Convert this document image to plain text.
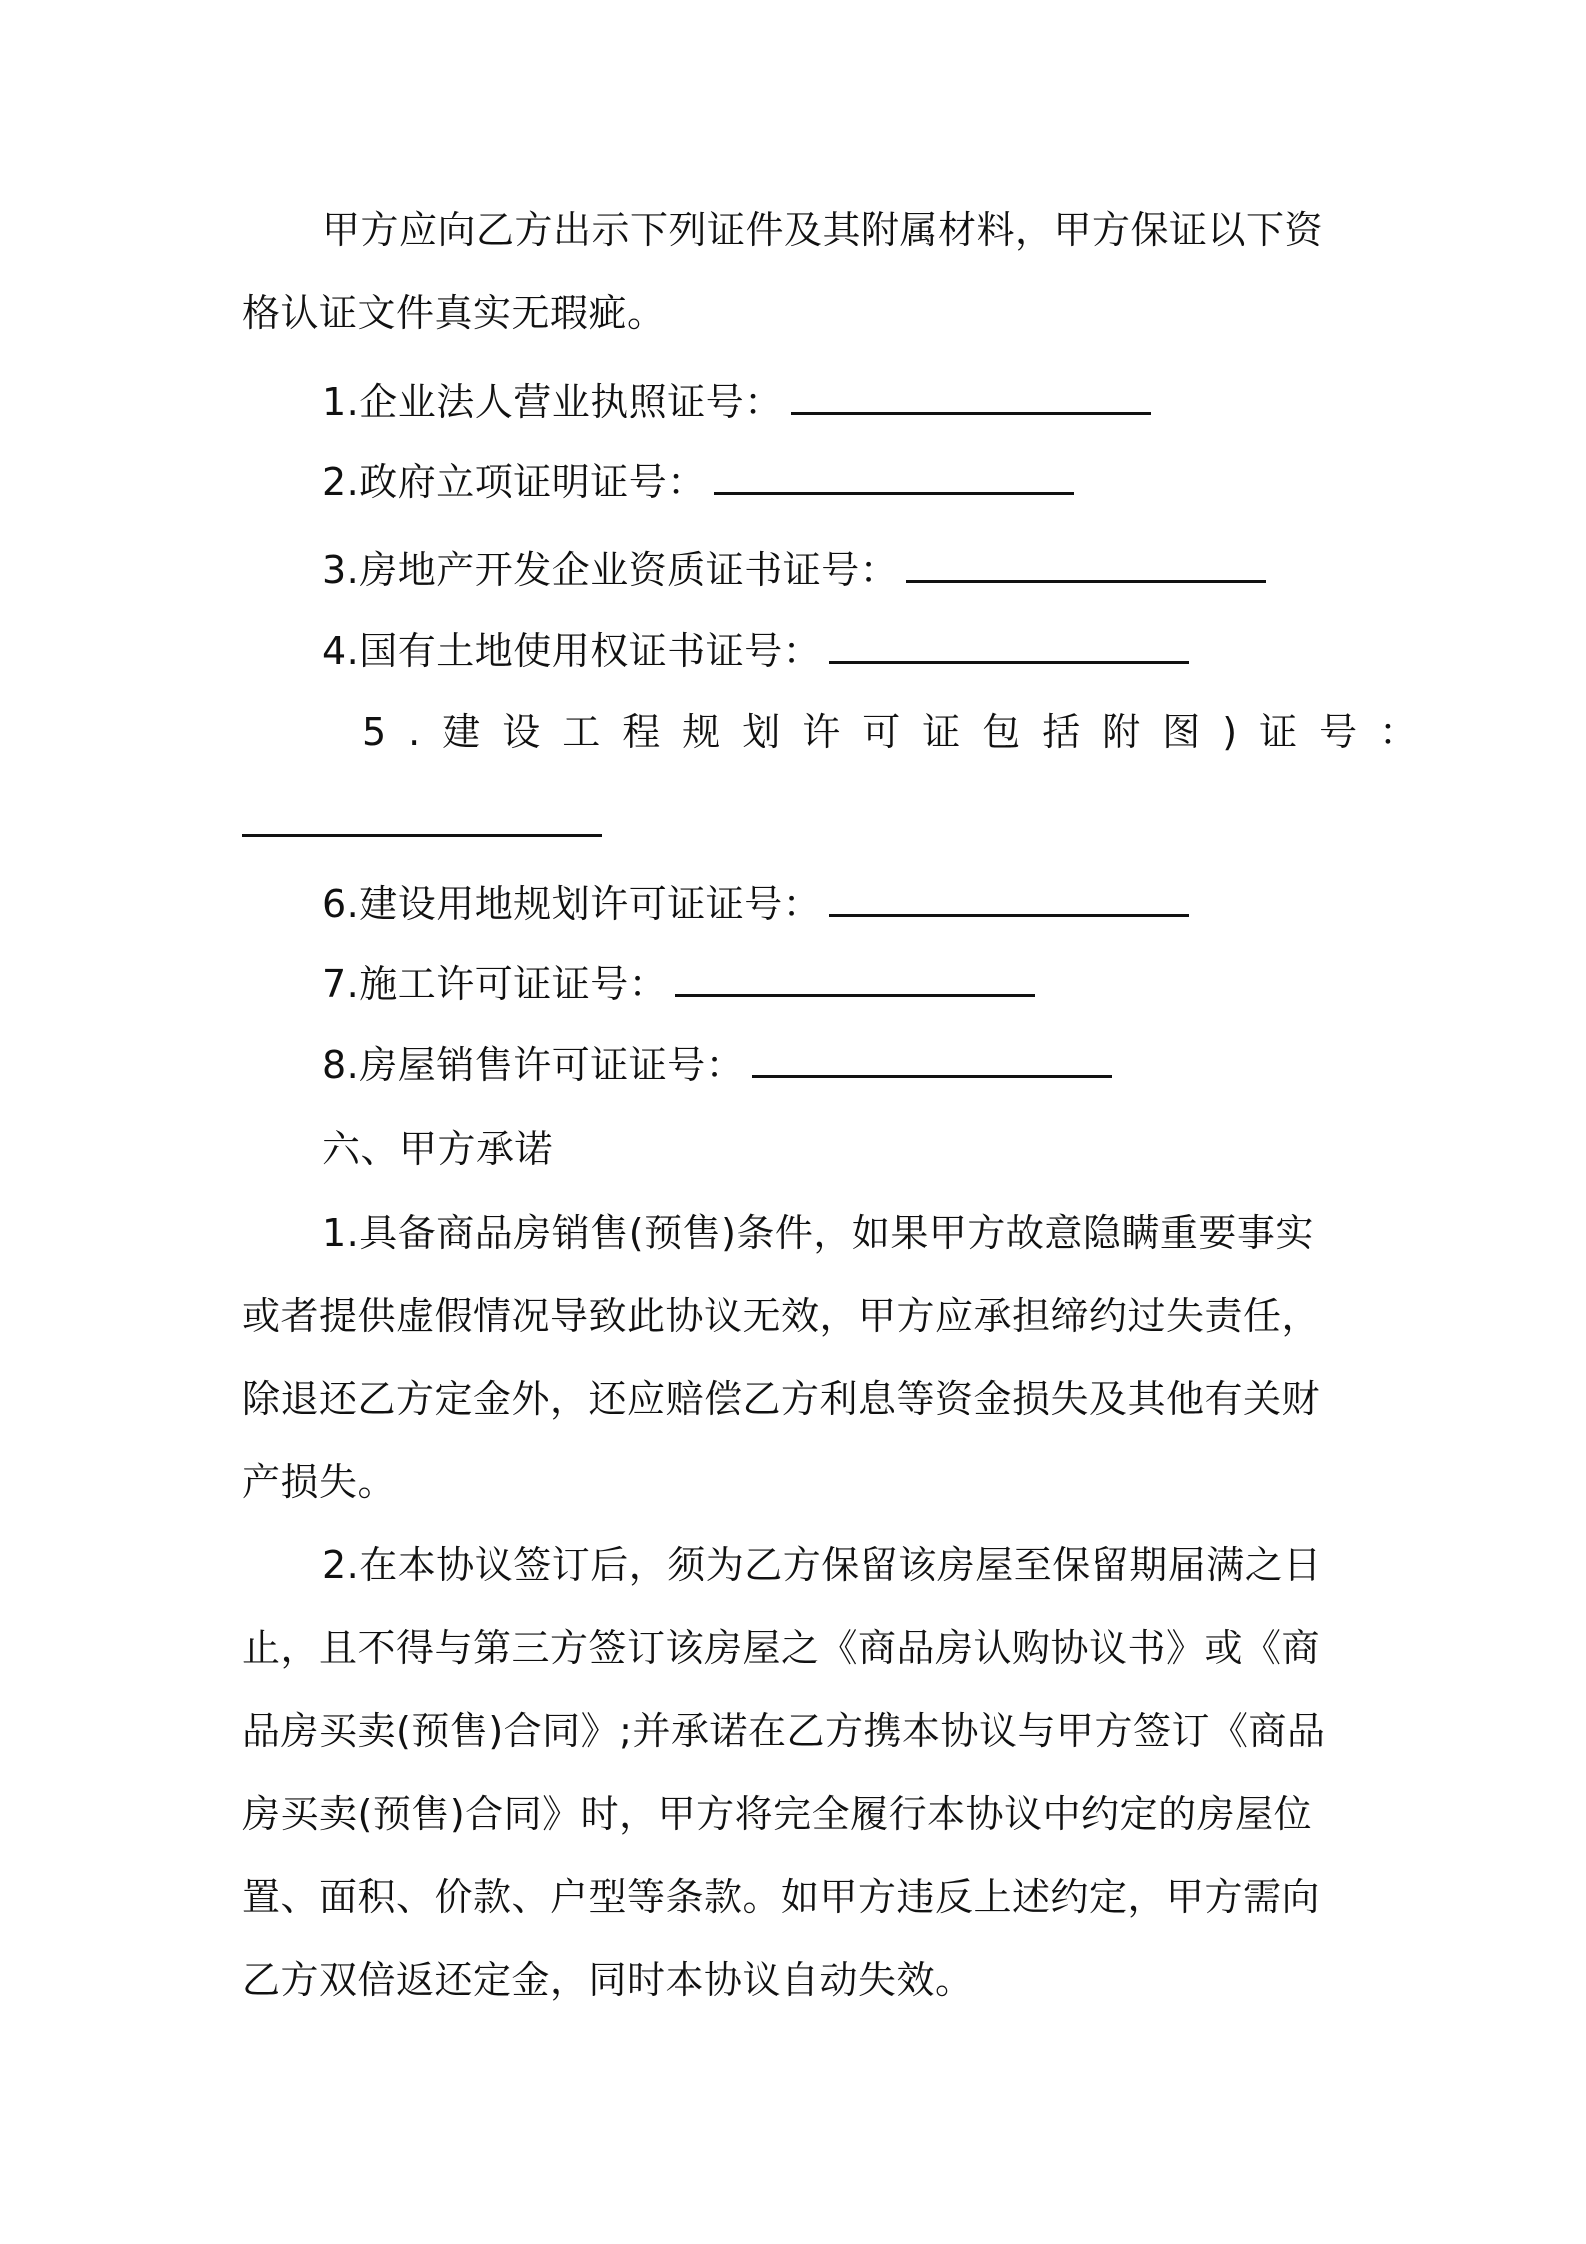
甲方应向乙方出示下列证件及其附属材料，甲方保证以下资
格认证文件真实无瑕疵。
1.企业法人营业执照证号：
2.政府立项证明证号：
3.房地产开发企业资质证书证号：
4.国有土地使用权证书证号：
5.建设工程规划许可证包括附图)证号：
6.建设用地规划许可证证号：
7.施工许可证证号：
8.房屋销售许可证证号：
六、甲方承诺
1.具备商品房销售(预售)条件，如果甲方故意隐瞒重要事实
或者提供虚假情况导致此协议无效，甲方应承担缔约过失责任，
除退还乙方定金外，还应赔偿乙方利息等资金损失及其他有关财
产损失。
2.在本协议签订后，须为乙方保留该房屋至保留期届满之日
止，且不得与第三方签订该房屋之《商品房认购协议书》或《商
品房买卖(预售)合同》;并承诺在乙方携本协议与甲方签订《商品
房买卖(预售)合同》时，甲方将完全履行本协议中约定的房屋位
置、面积、价款、户型等条款。如甲方违反上述约定，甲方需向
乙方双倍返还定金，同时本协议自动失效。
